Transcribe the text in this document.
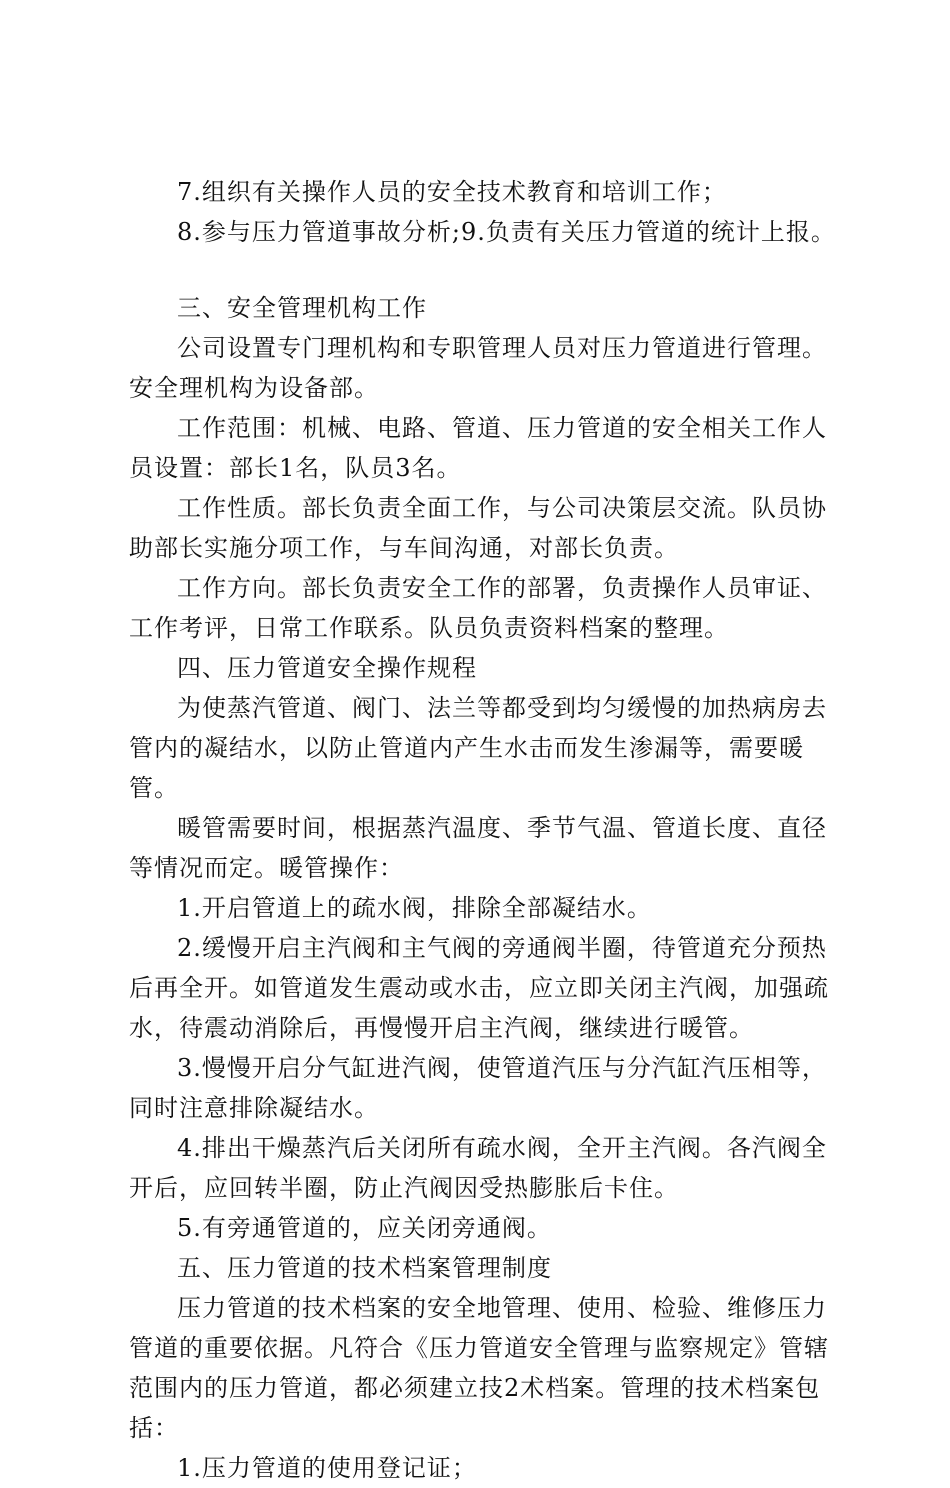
7.组织有关操作人员的安全技术教育和培训工作；

8.参与压力管道事故分析;9.负责有关压力管道的统计上报。

三、安全管理机构工作

公司设置专门理机构和专职管理人员对压力管道进行管理。安全理机构为设备部。

工作范围：机械、电路、管道、压力管道的安全相关工作人员设置：部长1名，队员3名。

工作性质。部长负责全面工作，与公司决策层交流。队员协助部长实施分项工作，与车间沟通，对部长负责。

工作方向。部长负责安全工作的部署，负责操作人员审证、工作考评，日常工作联系。队员负责资料档案的整理。

四、压力管道安全操作规程

为使蒸汽管道、阀门、法兰等都受到均匀缓慢的加热病房去管内的凝结水，以防止管道内产生水击而发生渗漏等，需要暖管。

暖管需要时间，根据蒸汽温度、季节气温、管道长度、直径等情况而定。暖管操作：

1.开启管道上的疏水阀，排除全部凝结水。

2.缓慢开启主汽阀和主气阀的旁通阀半圈，待管道充分预热后再全开。如管道发生震动或水击，应立即关闭主汽阀，加强疏水，待震动消除后，再慢慢开启主汽阀，继续进行暖管。

3.慢慢开启分气缸进汽阀，使管道汽压与分汽缸汽压相等，同时注意排除凝结水。

4.排出干燥蒸汽后关闭所有疏水阀，全开主汽阀。各汽阀全开后，应回转半圈，防止汽阀因受热膨胀后卡住。

5.有旁通管道的，应关闭旁通阀。

五、压力管道的技术档案管理制度

压力管道的技术档案的安全地管理、使用、检验、维修压力管道的重要依据。凡符合《压力管道安全管理与监察规定》管辖范围内的压力管道，都必须建立技2术档案。管理的技术档案包括：

1.压力管道的使用登记证；
